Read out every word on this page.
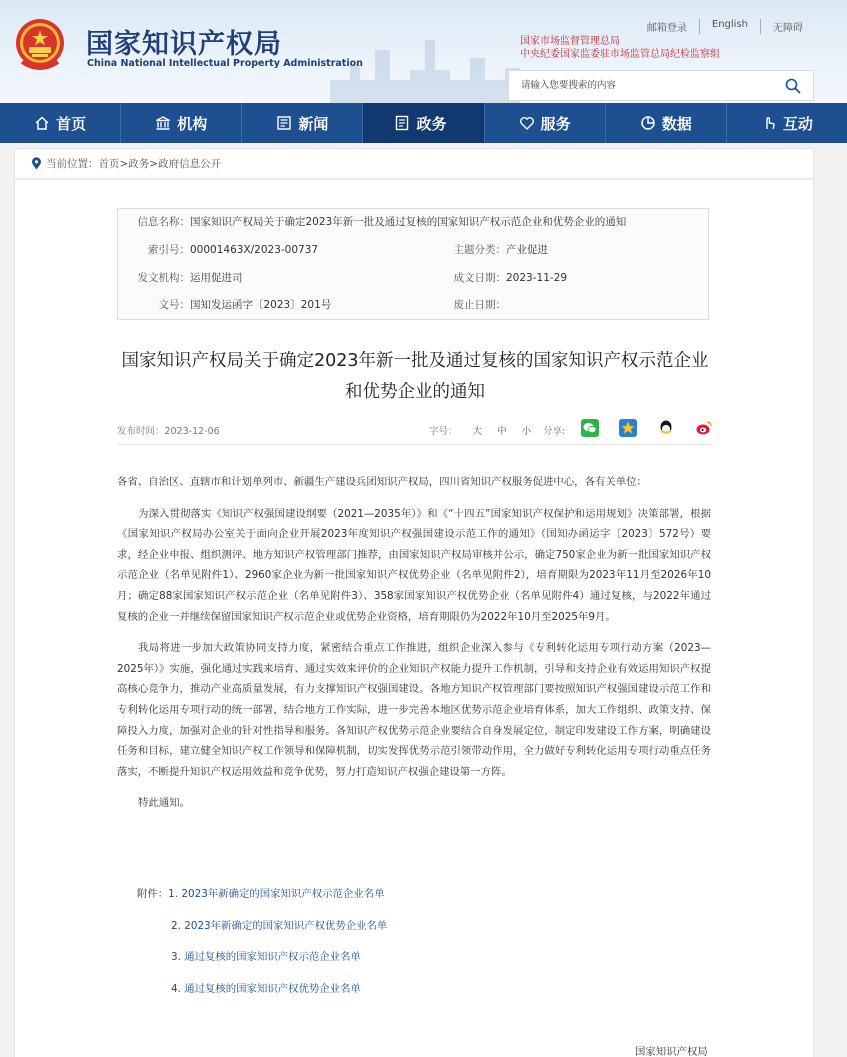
国家知识产权局
China National Intellectual Property Administration
邮箱登录	English	无障碍
国家市场监督管理总局
中央纪委国家监委驻市场监管总局纪检监察组
请输入您要搜索的内容
首页	机构	新闻	政务	服务	数据	互动
当前位置： 首页>政务>政府信息公开
信息名称：国家知识产权局关于确定2023年新一批及通过复核的国家知识产权示范企业和优势企业的通知
索引号：00001463X/2023-00737	主题分类：产业促进
发文机构：运用促进司	成文日期：2023-11-29
文号：国知发运函字〔2023〕201号	废止日期：
国家知识产权局关于确定2023年新一批及通过复核的国家知识产权示范企业
和优势企业的通知
发布时间：2023-12-06	字号： 大 中 小	分享:

各省、自治区、直辖市和计划单列市、新疆生产建设兵团知识产权局，四川省知识产权服务促进中心，各有关单位：

为深入贯彻落实《知识产权强国建设纲要（2021—2035年）》和《“十四五”国家知识产权保护和运用规划》决策部署，根据《国家知识产权局办公室关于面向企业开展2023年度知识产权强国建设示范工作的通知》（国知办函运字〔2023〕572号）要求，经企业申报、组织测评、地方知识产权管理部门推荐，由国家知识产权局审核并公示，确定750家企业为新一批国家知识产权示范企业（名单见附件1）、2960家企业为新一批国家知识产权优势企业（名单见附件2），培育期限为2023年11月至2026年10月；确定88家国家知识产权示范企业（名单见附件3）、358家国家知识产权优势企业（名单见附件4）通过复核，与2022年通过复核的企业一并继续保留国家知识产权示范企业或优势企业资格，培育期限仍为2022年10月至2025年9月。

我局将进一步加大政策协同支持力度，紧密结合重点工作推进，组织企业深入参与《专利转化运用专项行动方案（2023—2025年）》实施，强化通过实践来培育、通过实效来评价的企业知识产权能力提升工作机制，引导和支持企业有效运用知识产权提高核心竞争力，推动产业高质量发展，有力支撑知识产权强国建设。各地方知识产权管理部门要按照知识产权强国建设示范工作和专利转化运用专项行动的统一部署，结合地方工作实际，进一步完善本地区优势示范企业培育体系，加大工作组织、政策支持、保障投入力度，加强对企业的针对性指导和服务。各知识产权优势示范企业要结合自身发展定位，制定印发建设工作方案，明确建设任务和目标，建立健全知识产权工作领导和保障机制，切实发挥优势示范引领带动作用，全力做好专利转化运用专项行动重点任务落实，不断提升知识产权运用效益和竞争优势，努力打造知识产权强企建设第一方阵。

特此通知。

附件：1. 2023年新确定的国家知识产权示范企业名单
2. 2023年新确定的国家知识产权优势企业名单
3. 通过复核的国家知识产权示范企业名单
4. 通过复核的国家知识产权优势企业名单
国家知识产权局
